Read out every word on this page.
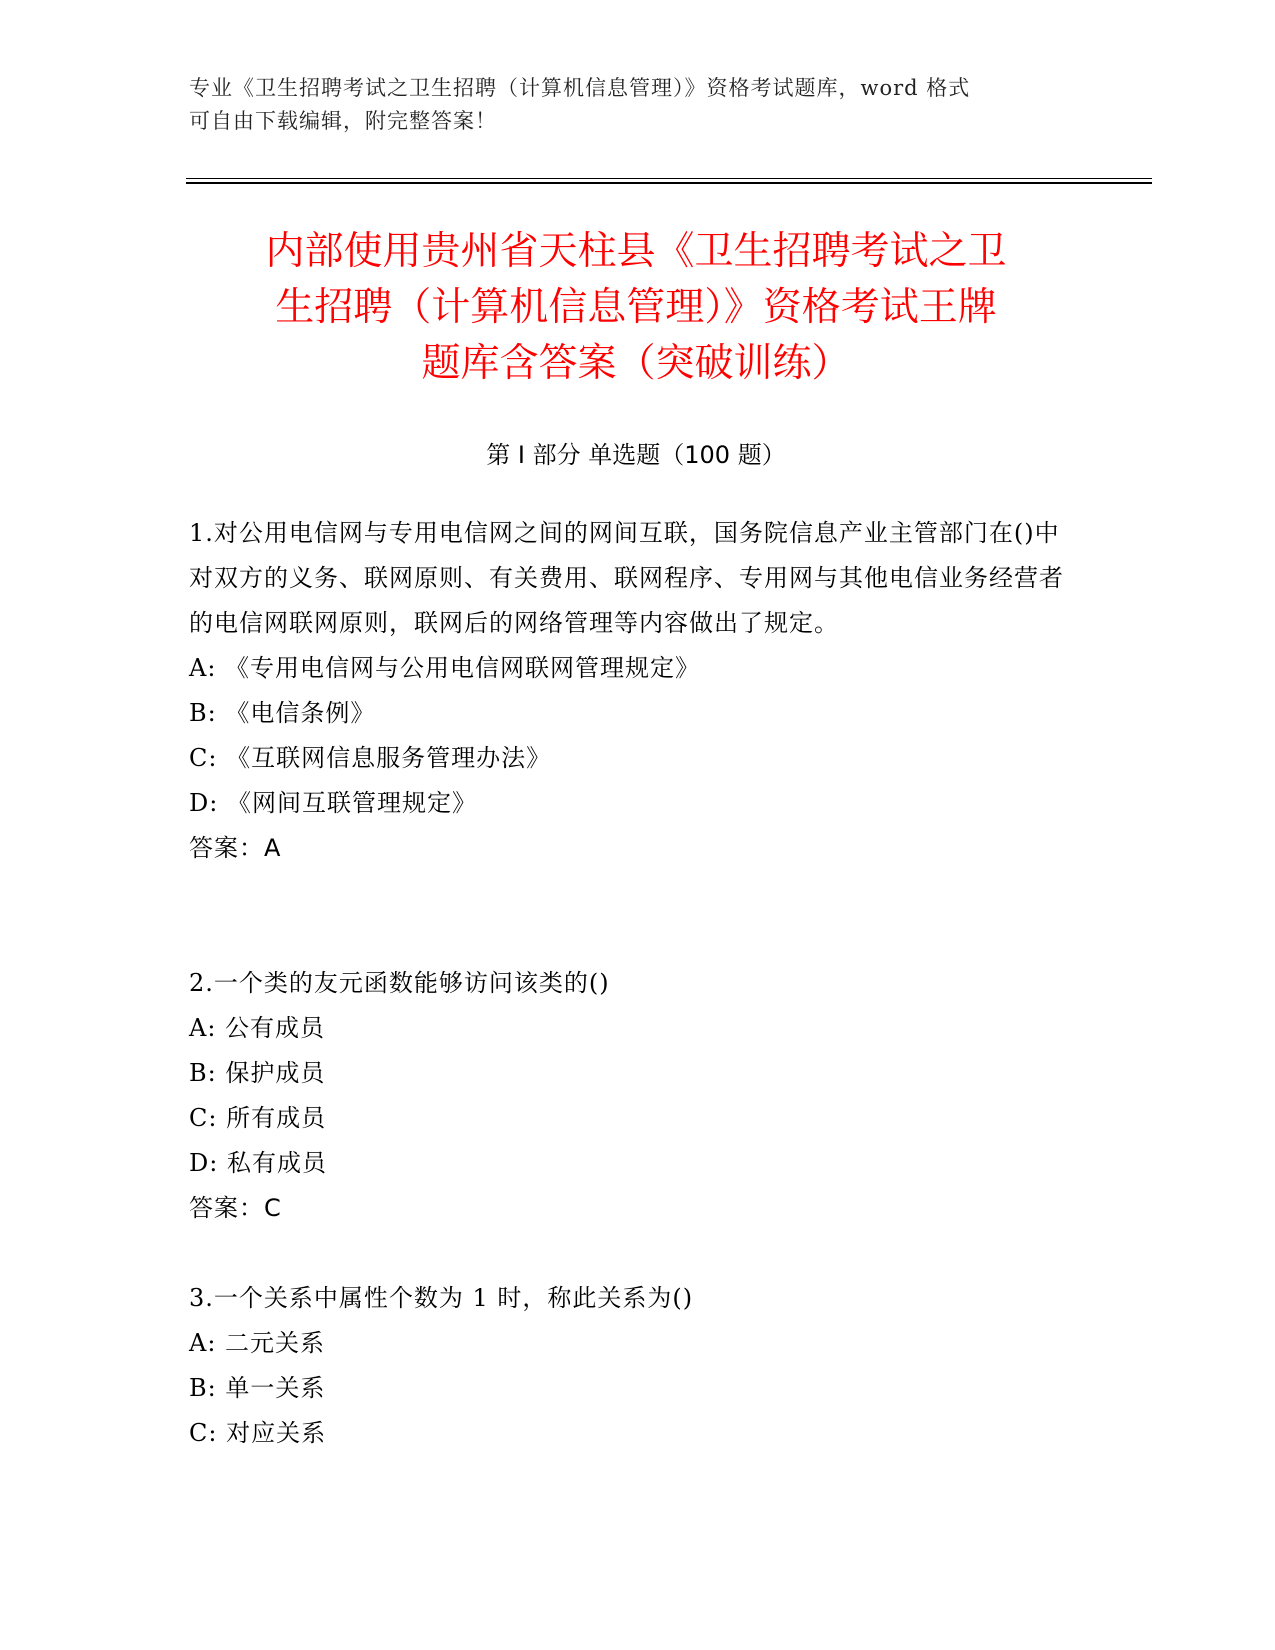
专业《卫生招聘考试之卫生招聘（计算机信息管理）》资格考试题库，word 格式
可自由下载编辑，附完整答案！
内部使用贵州省天柱县《卫生招聘考试之卫
生招聘（计算机信息管理）》资格考试王牌
题库含答案（突破训练）
第 I 部分 单选题（100 题）
1.对公用电信网与专用电信网之间的网间互联，国务院信息产业主管部门在()中对双方的义务、联网原则、有关费用、联网程序、专用网与其他电信业务经营者的电信网联网原则，联网后的网络管理等内容做出了规定。
A: 《专用电信网与公用电信网联网管理规定》
B: 《电信条例》
C: 《互联网信息服务管理办法》
D: 《网间互联管理规定》
答案：A
2.一个类的友元函数能够访问该类的()
A: 公有成员
B: 保护成员
C: 所有成员
D: 私有成员
答案：C
3.一个关系中属性个数为 1 时，称此关系为()
A: 二元关系
B: 单一关系
C: 对应关系
